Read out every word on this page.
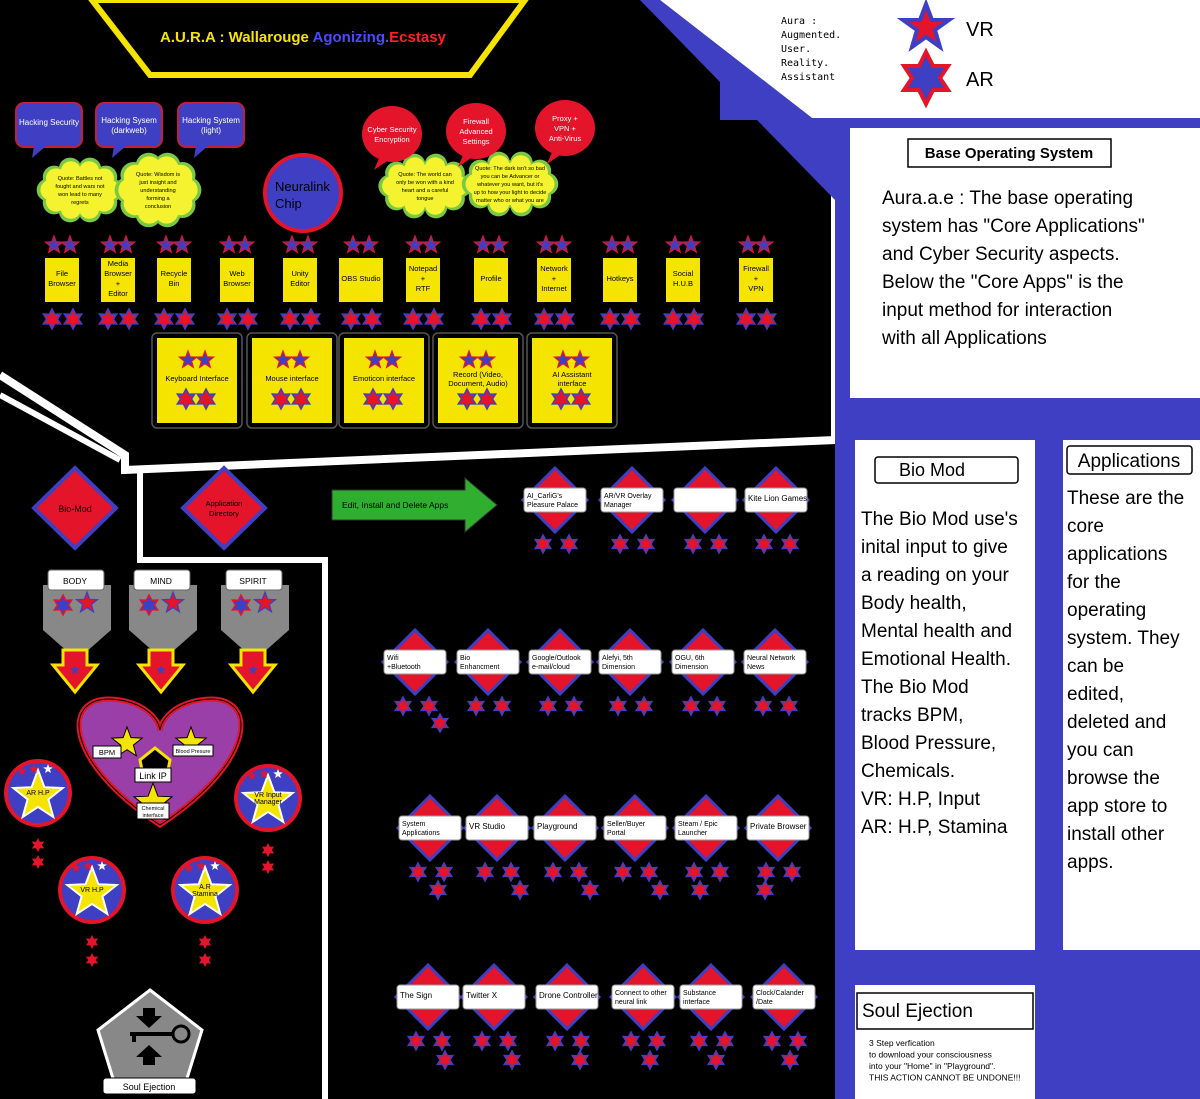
A.U.R.A : Wallarouge Agonizing.Ecstasy
Aura : Augmented. User. Reality. Assistant
VR
AR
Base Operating System
Aura.a.e : The base operating system has "Core Applications" and Cyber Security aspects. Below the "Core Apps" is the input method for interaction with all Applications
Bio Mod
The Bio Mod use's inital input to give a reading on your Body health, Mental health and Emotional Health. The Bio Mod tracks BPM, Blood Pressure, Chemicals. VR: H.P, Input AR: H.P, Stamina
Applications
These are the core applications for the operating system. They can be edited, deleted and you can browse the app store to install other apps.
Soul Ejection
3 Step verfication to download your consciousness into your "Home" in "Playground". THIS ACTION CANNOT BE UNDONE!!!
Hacking Security	Hacking Sysem (darkweb)
Hacking System (light)
Quote: Battles not fought and wars not won lead to many regrets
Quote: Wisdom is just insight and understanding forming a conclusion
Quote: The world can only be won with a kind heart and a careful tongue
Quote: The dark isn't so bad you can be Advancer or whatever you want, but it's up to how your light to decide matter who or what you are
Cyber Security Encryption
Firewall Advanced Settings
Proxy + VPN + Anti-Virus
Neuralink Chip
File Browser
Media Browser + Editor
Recycle Bin
Web Browser
Unity Editor
OBS Studio
Notepad + RTF
Profile
Network + Internet
Hotkeys
Social H.U.B
Firewall + VPN
Keyboard Interface	Mouse interface	Emoticon interface	Record (Video, Document, Audio)
AI Assistant interface
Bio-Mod
Application Directory
Edit, Install and Delete Apps
AI_CarliG's Pleasure Palace
AR/VR Overlay Manager
Kite Lion Games
Wifi +Bluetooth
Bio Enhancment
Google/Outlook e-mail/cloud
Alefyi, 5th Dimension
OGU, 6th Dimension
Neural Network News
System Applications
VR Studio	Playground	Seller/Buyer Portal
Steam / Epic Launcher
Private Browser
The Sign	Twitter X	Drone Controller Connect to other neural link
Substance interface
Clock/Calander /Date
BODY	MIND	SPIRIT
BPM	Blood Presure
Link IP
Chemical interface
AR H.P	VR Input Manager
VR H.P	A.R Stamina
Soul Ejection
